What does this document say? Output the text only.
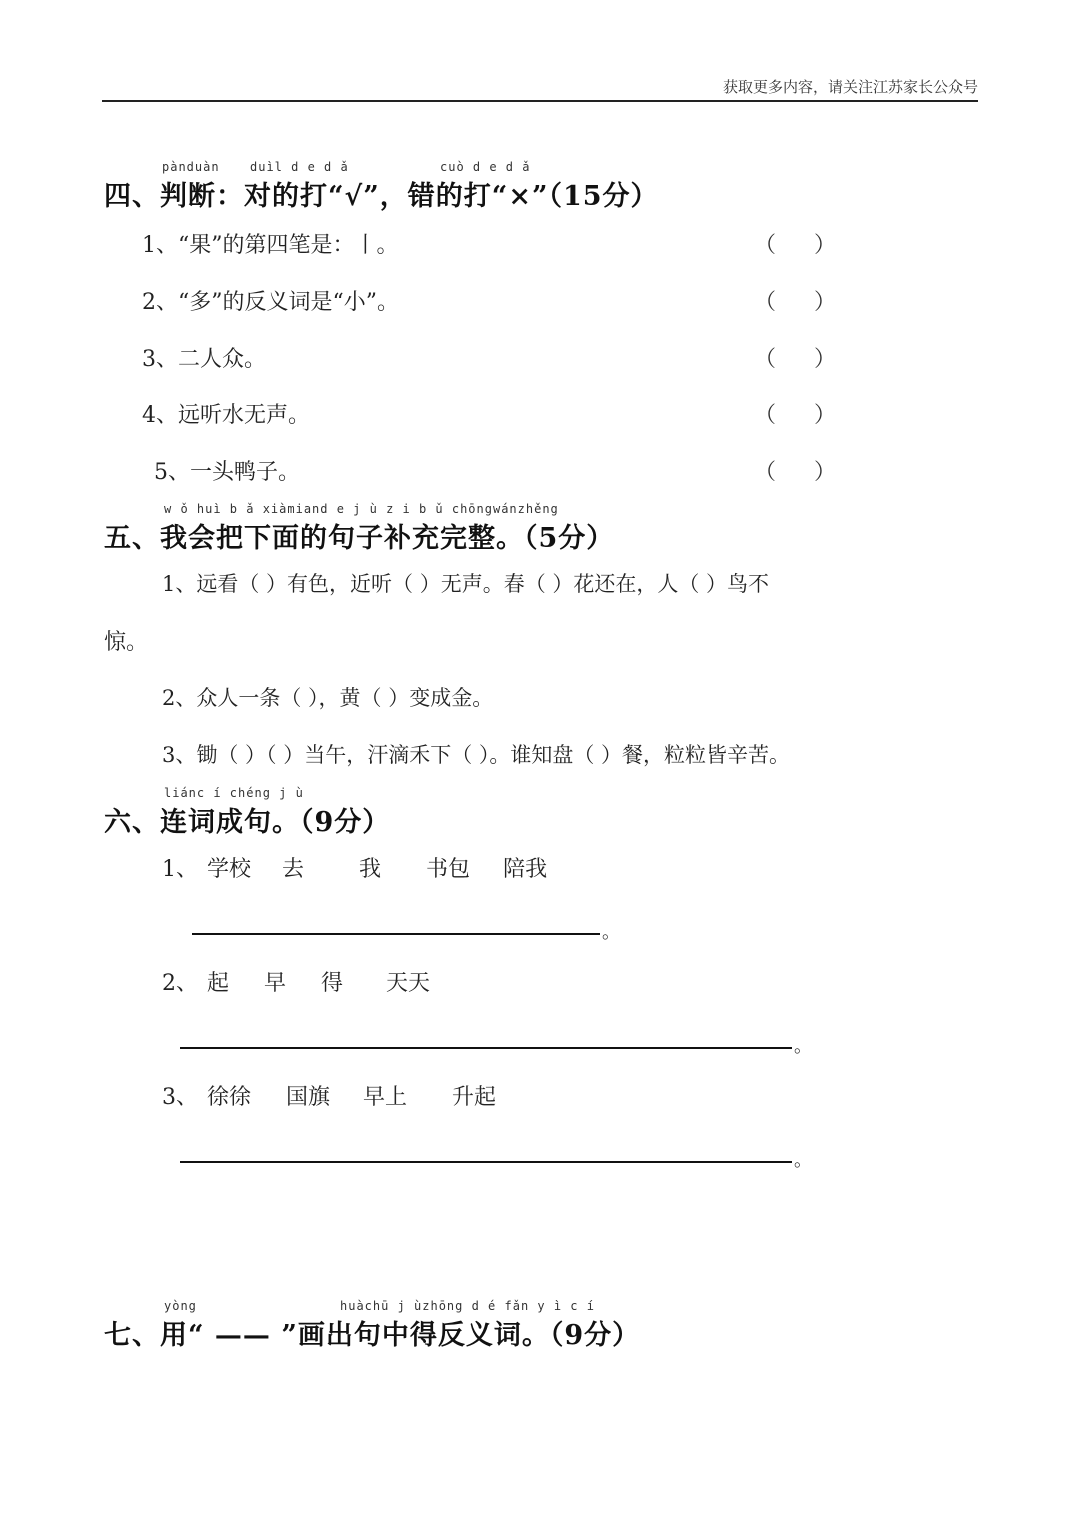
获取更多内容，请关注江苏家长公众号
pànduàn	duìl d e d ǎ	cuò d e d ǎ
四、判断：对的打“√”，错的打“×”（15分）
1、“果”的第四笔是：丨。	（ ）
2、“多”的反义词是“小”。	（ ）
3、二人众。	（ ）
4、远听水无声。	（ ）
5、一头鸭子。	（ ）
w ǒ huì b ǎ xiàmiand e j ù z i b ǔ chōngwánzhěng
五、我会把下面的句子补充完整。（5分）
1、远看（ ）有色，近听（ ）无声。春（ ）花还在，人（ ）鸟不
惊。
2、众人一条（ ），黄（ ）变成金。
3、锄（ ）（ ）当午，汗滴禾下（ ）。谁知盘（ ）餐，粒粒皆辛苦。
liánc í chéng j ù
六、连词成句。（9分）
1、 学校 去	我 书包 陪我
。
2、 起 早 得 天天
。
3、 徐徐 国旗 早上 升起
。
yòng	huàchū j ùzhōng d é fǎn y ì c í
七、用“ —— ”画出句中得反义词。（9分）
